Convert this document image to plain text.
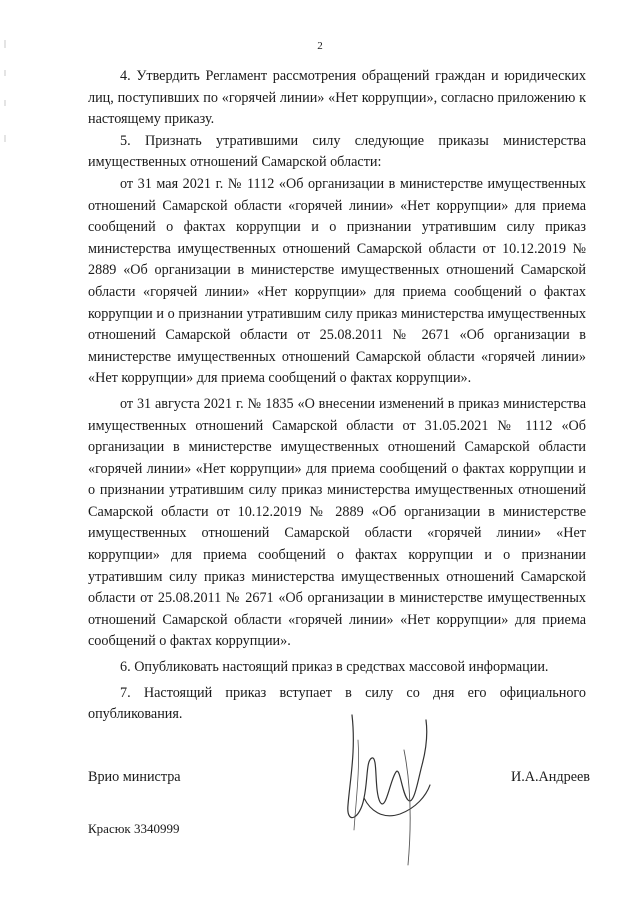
2

4. Утвердить Регламент рассмотрения обращений граждан и юридических лиц, поступивших по «горячей линии» «Нет коррупции», согласно приложению к настоящему приказу.

5. Признать утратившими силу следующие приказы министерства имущественных отношений Самарской области:

от 31 мая 2021 г. № 1112 «Об организации в министерстве имущественных отношений Самарской области «горячей линии» «Нет коррупции» для приема сообщений о фактах коррупции и о признании утратившим силу приказ министерства имущественных отношений Самарской области от 10.12.2019 № 2889 «Об организации в министерстве имущественных отношений Самарской области «горячей линии» «Нет коррупции» для приема сообщений о фактах коррупции и о признании утратившим силу приказ министерства имущественных отношений Самарской области от 25.08.2011 № 2671 «Об организации в министерстве имущественных отношений Самарской области «горячей линии» «Нет коррупции» для приема сообщений о фактах коррупции».

от 31 августа 2021 г. № 1835 «О внесении изменений в приказ министерства имущественных отношений Самарской области от 31.05.2021 № 1112 «Об организации в министерстве имущественных отношений Самарской области «горячей линии» «Нет коррупции» для приема сообщений о фактах коррупции и о признании утратившим силу приказ министерства имущественных отношений Самарской области от 10.12.2019 № 2889 «Об организации в министерстве имущественных отношений Самарской области «горячей линии» «Нет коррупции» для приема сообщений о фактах коррупции и о признании утратившим силу приказ министерства имущественных отношений Самарской области от 25.08.2011 № 2671 «Об организации в министерстве имущественных отношений Самарской области «горячей линии» «Нет коррупции» для приема сообщений о фактах коррупции».

6. Опубликовать настоящий приказ в средствах массовой информации.

7. Настоящий приказ вступает в силу со дня его официального опубликования.

Врио министра	И.А.Андреев
Красюк 3340999
